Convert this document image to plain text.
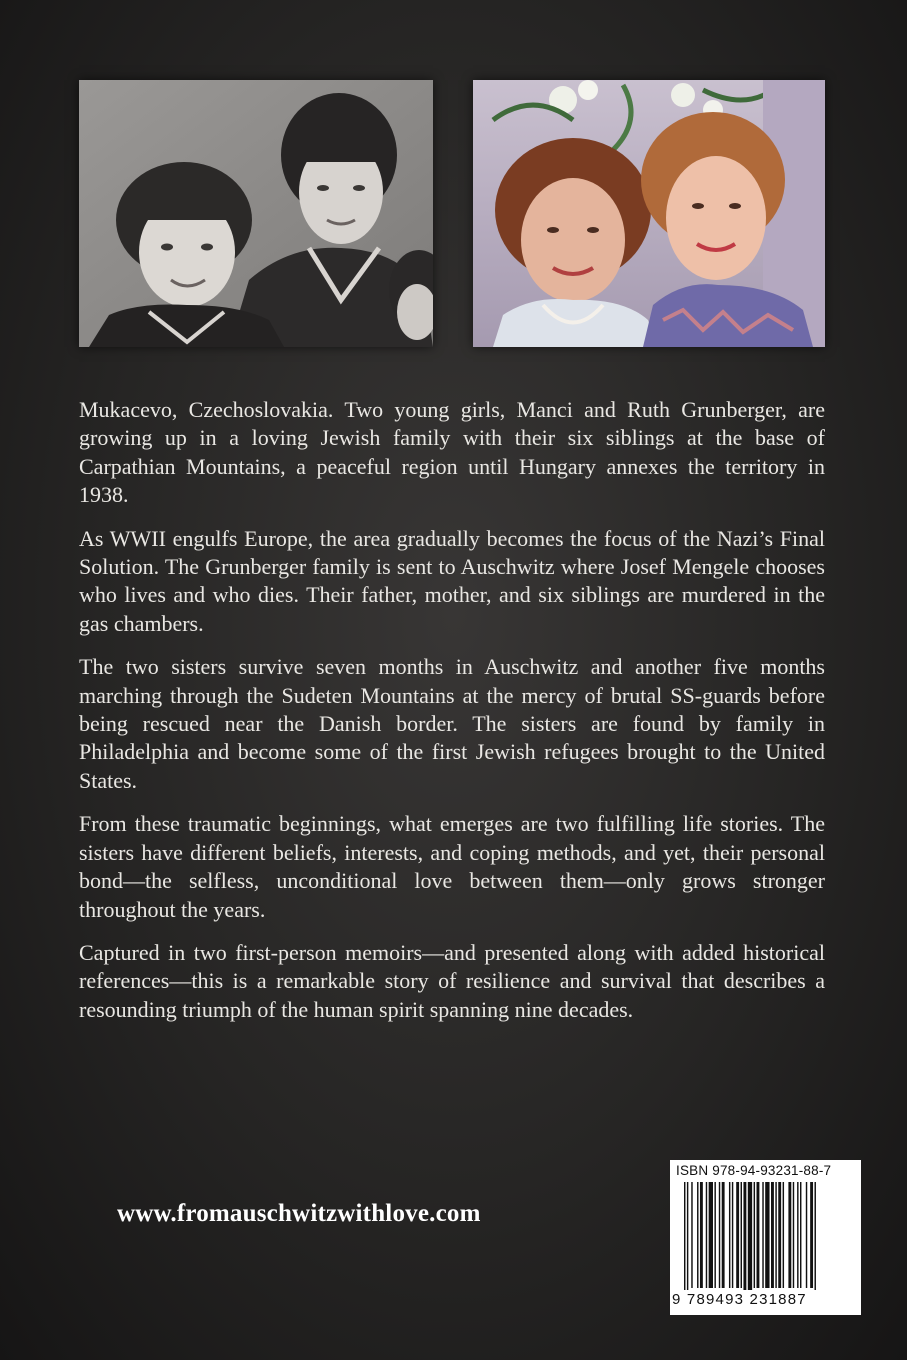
Mukacevo, Czechoslovakia. Two young girls, Manci and Ruth Grunberger, are growing up in a loving Jewish family with their six siblings at the base of Carpathian Mountains, a peaceful region until Hungary annexes the territory in 1938.

As WWII engulfs Europe, the area gradually becomes the focus of the Nazi’s Final Solution. The Grunberger family is sent to Auschwitz where Josef Mengele chooses who lives and who dies. Their father, mother, and six siblings are murdered in the gas chambers.

The two sisters survive seven months in Auschwitz and another five months marching through the Sudeten Mountains at the mercy of brutal SS-guards before being rescued near the Danish border. The sisters are found by family in Philadelphia and become some of the first Jewish refugees brought to the United States.

From these traumatic beginnings, what emerges are two fulfilling life stories. The sisters have different beliefs, interests, and coping methods, and yet, their personal bond—the selfless, unconditional love between them—only grows stronger throughout the years.

Captured in two first-person memoirs—and presented along with added historical references—this is a remarkable story of resilience and survival that describes a resounding triumph of the human spirit spanning nine decades.

www.fromauschwitzwithlove.com
ISBN 978-94-93231-88-7
9 789493 231887
